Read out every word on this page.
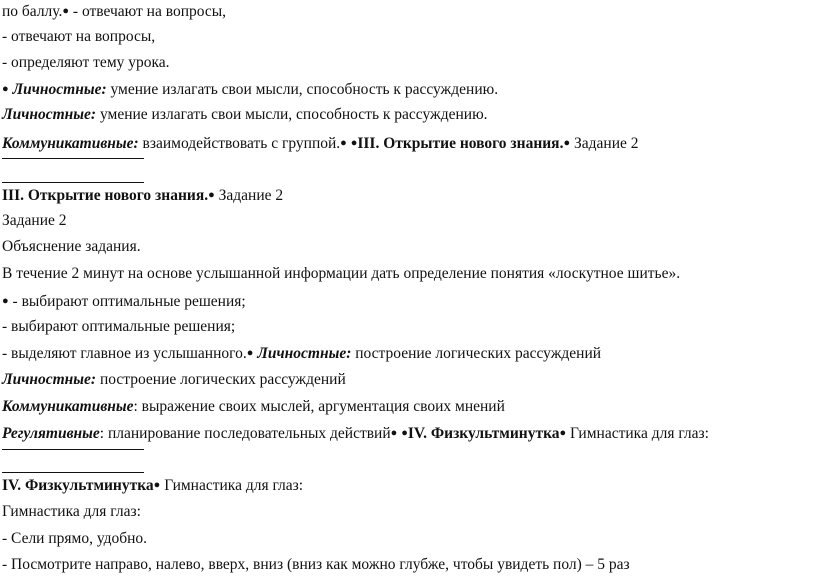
по баллу.● - отвечают на вопросы,
- отвечают на вопросы,
- определяют тему урока.
● Личностные: умение излагать свои мысли, способность к рассуждению.
Личностные: умение излагать свои мысли, способность к рассуждению.
Коммуникативные: взаимодействовать с группой.● ●III. Открытие нового знания.● Задание 2
III. Открытие нового знания.● Задание 2
Задание 2
Объяснение задания.
В течение 2 минут на основе услышанной информации дать определение понятия «лоскутное шитье».
● - выбирают оптимальные решения;
- выбирают оптимальные решения;
- выделяют главное из услышанного.● Личностные: построение логических рассуждений
Личностные: построение логических рассуждений
Коммуникативные: выражение своих мыслей, аргументация своих мнений
Регулятивные: планирование последовательных действий● ●IV. Физкультминутка● Гимнастика для глаз:
IV. Физкультминутка● Гимнастика для глаз:
Гимнастика для глаз:
- Сели прямо, удобно.
- Посмотрите направо, налево, вверх, вниз (вниз как можно глубже, чтобы увидеть пол) – 5 раз
